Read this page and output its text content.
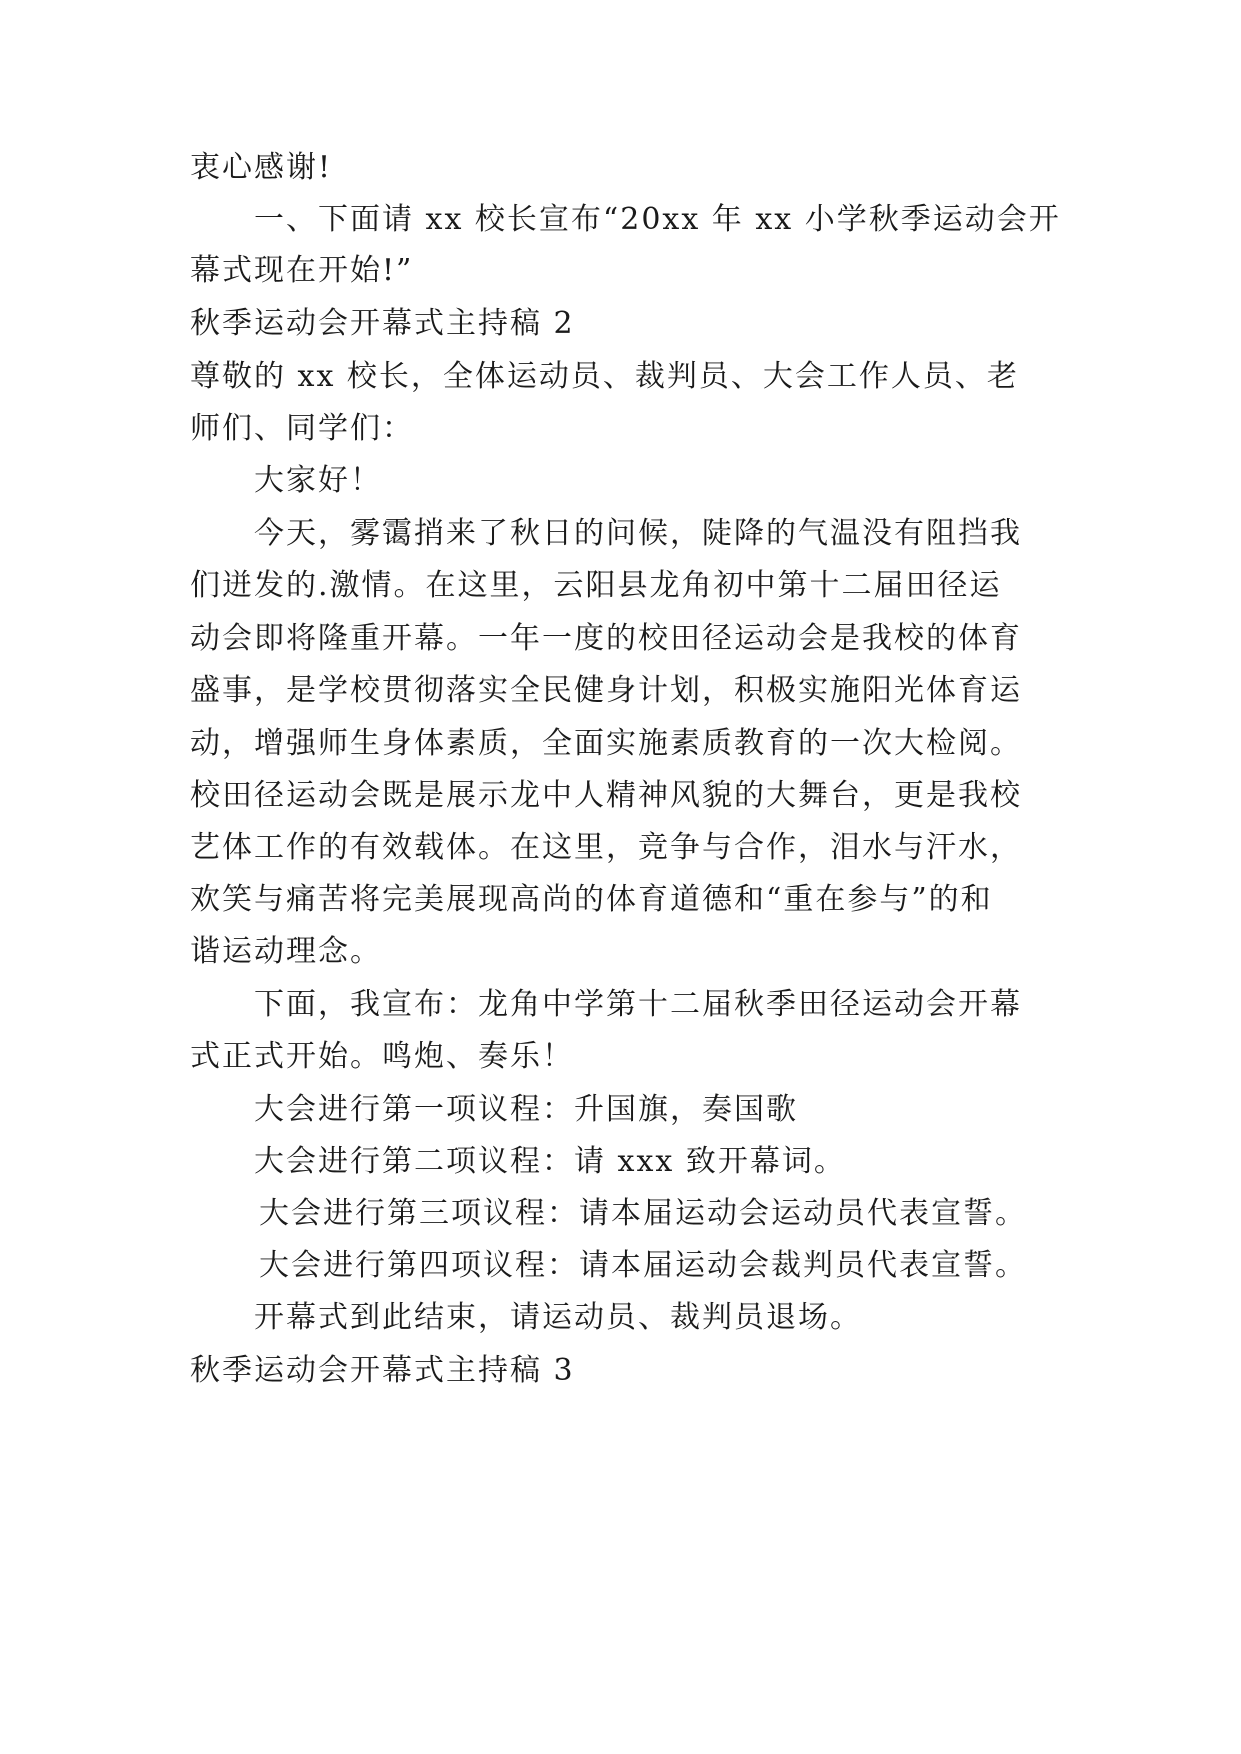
衷心感谢!
一、下面请 xx 校长宣布“20xx 年 xx 小学秋季运动会开
幕式现在开始!”
秋季运动会开幕式主持稿 2
尊敬的 xx 校长，全体运动员、裁判员、大会工作人员、老
师们、同学们：
大家好！
今天，雾霭捎来了秋日的问候，陡降的气温没有阻挡我
们迸发的.激情。在这里，云阳县龙角初中第十二届田径运
动会即将隆重开幕。一年一度的校田径运动会是我校的体育
盛事，是学校贯彻落实全民健身计划，积极实施阳光体育运
动，增强师生身体素质，全面实施素质教育的一次大检阅。
校田径运动会既是展示龙中人精神风貌的大舞台，更是我校
艺体工作的有效载体。在这里，竞争与合作，泪水与汗水，
欢笑与痛苦将完美展现高尚的体育道德和“重在参与”的和
谐运动理念。
下面，我宣布：龙角中学第十二届秋季田径运动会开幕
式正式开始。鸣炮、奏乐！
大会进行第一项议程：升国旗，奏国歌
大会进行第二项议程：请 xxx 致开幕词。
大会进行第三项议程：请本届运动会运动员代表宣誓。
大会进行第四项议程：请本届运动会裁判员代表宣誓。
开幕式到此结束，请运动员、裁判员退场。
秋季运动会开幕式主持稿 3
